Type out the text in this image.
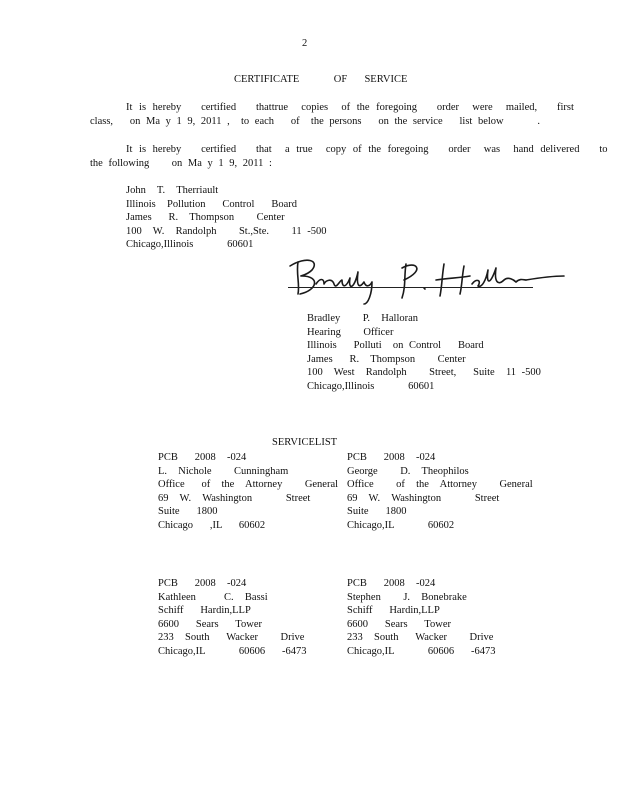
2
CERTIFICATE    OF  SERVICE
It is hereby   certified   thattrue  copies  of the foregoing   order  were  mailed,   first
class,   on Ma y 1 9, 2011 ,  to each   of  the persons   on the service   list below      .
It is hereby   certified   that  a true  copy of the foregoing   order  was  hand delivered   to
the following    on Ma y 1 9, 2011 :
John  T.  Therriault
Illinois  Pollution   Control   Board
James   R.  Thompson    Center
100  W.  Randolph    St.,Ste.    11 -500
Chicago,Illinois      60601
Bradley    P.  Halloran
Hearing    Officer
Illinois   Polluti  on Control   Board
James   R.  Thompson    Center
100  West  Randolph    Street,   Suite  11 -500
Chicago,Illinois      60601
SERVICELIST
PCB   2008  -024
L.  Nichole    Cunningham
Office   of  the  Attorney    General
69  W.  Washington      Street
Suite   1800
Chicago   ,IL   60602
PCB   2008  -024
George    D.  Theophilos
Office    of  the  Attorney    General
69  W.  Washington      Street
Suite   1800
Chicago,IL      60602
PCB   2008  -024
Kathleen     C.  Bassi
Schiff   Hardin,LLP
6600   Sears   Tower
233  South   Wacker    Drive
Chicago,IL      60606   -6473
PCB   2008  -024
Stephen    J.  Bonebrake
Schiff   Hardin,LLP
6600   Sears   Tower
233  South   Wacker    Drive
Chicago,IL      60606   -6473
